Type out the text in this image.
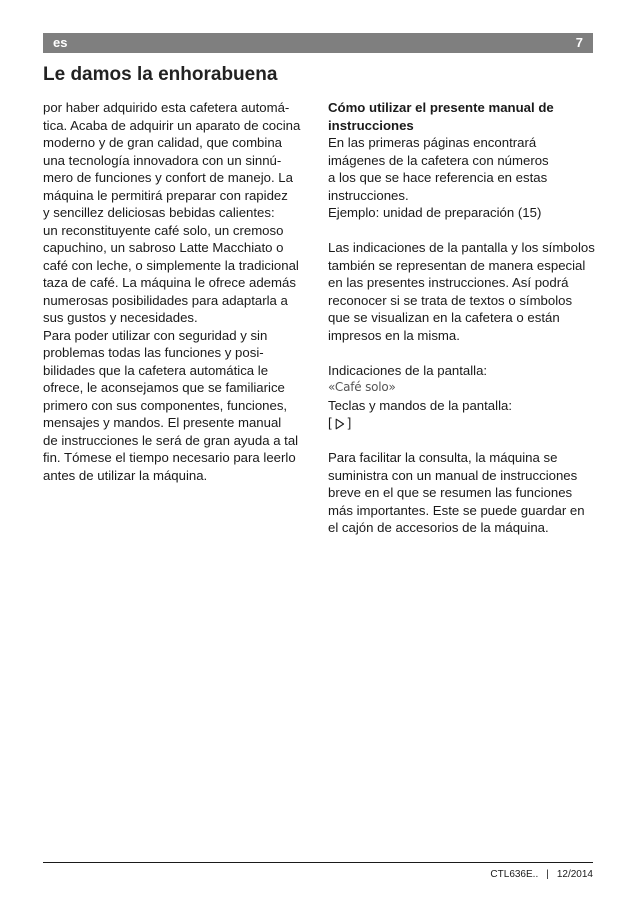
es	7
Le damos la enhorabuena
por haber adquirido esta cafetera automá-
tica. Acaba de adquirir un aparato de cocina
moderno y de gran calidad, que combina
una tecnología innovadora con un sinnú-
mero de funciones y confort de manejo. La
máquina le permitirá preparar con rapidez
y sencillez deliciosas bebidas calientes:
un reconstituyente café solo, un cremoso
capuchino, un sabroso Latte Macchiato o
café con leche, o simplemente la tradicional
taza de café. La máquina le ofrece además
numerosas posibilidades para adaptarla a
sus gustos y necesidades.
Para poder utilizar con seguridad y sin
problemas todas las funciones y posi-
bilidades que la cafetera automática le
ofrece, le aconsejamos que se familiarice
primero con sus componentes, funciones,
mensajes y mandos. El presente manual
de instrucciones le será de gran ayuda a tal
fin. Tómese el tiempo necesario para leerlo
antes de utilizar la máquina.
Cómo utilizar el presente manual de
instrucciones
En las primeras páginas encontrará
imágenes de la cafetera con números
a los que se hace referencia en estas
instrucciones.
Ejemplo: unidad de preparación (15)
Las indicaciones de la pantalla y los símbolos
también se representan de manera especial
en las presentes instrucciones. Así podrá
reconocer si se trata de textos o símbolos
que se visualizan en la cafetera o están
impresos en la misma.
Indicaciones de la pantalla:
«Café solo»
Teclas y mandos de la pantalla:
[ ]
Para facilitar la consulta, la máquina se
suministra con un manual de instrucciones
breve en el que se resumen las funciones
más importantes. Este se puede guardar en
el cajón de accesorios de la máquina.
CTL636E.. | 12/2014
